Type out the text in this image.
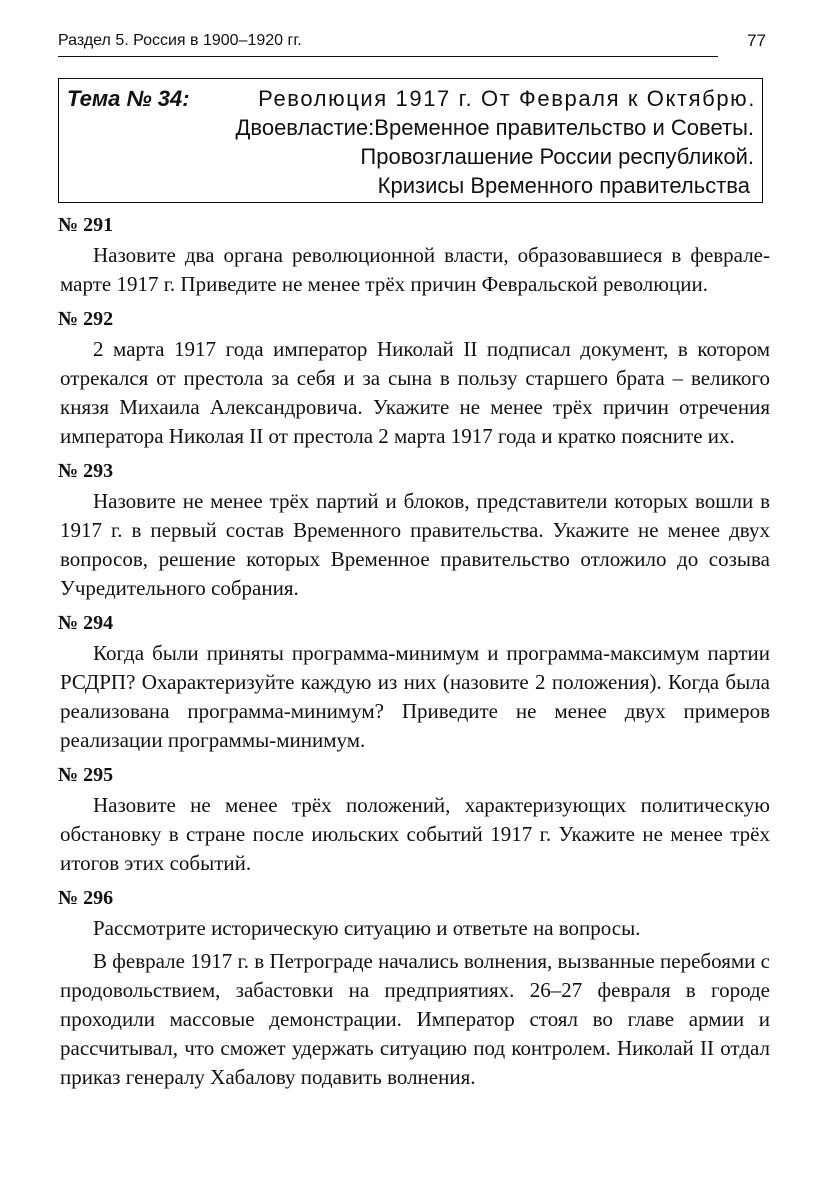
Раздел 5. Россия в 1900–1920 гг.	77
Тема № 34:	Революция 1917 г. От Февраля к Октябрю.
Двоевластие:Временное правительство и Советы.
Провозглашение России республикой.
Кризисы Временного правительства

№ 291

Назовите два органа революционной власти, образовавшиеся в феврале-марте 1917 г. Приведите не менее трёх причин Февральской революции.

№ 292

2 марта 1917 года император Николай II подписал документ, в котором отрекался от престола за себя и за сына в пользу старшего брата – великого князя Михаила Александровича. Укажите не менее трёх причин отречения императора Николая II от престола 2 марта 1917 года и кратко поясните их.

№ 293

Назовите не менее трёх партий и блоков, представители которых вошли в 1917 г. в первый состав Временного правительства. Укажите не менее двух вопросов, решение которых Временное правительство отложило до созыва Учредительного собрания.

№ 294

Когда были приняты программа-минимум и программа-максимум партии РСДРП? Охарактеризуйте каждую из них (назовите 2 положения). Когда была реализована программа-минимум? Приведите не менее двух примеров реализации программы-минимум.

№ 295

Назовите не менее трёх положений, характеризующих политическую обстановку в стране после июльских событий 1917 г. Укажите не менее трёх итогов этих событий.

№ 296

Рассмотрите историческую ситуацию и ответьте на вопросы.

В феврале 1917 г. в Петрограде начались волнения, вызванные перебоями с продовольствием, забастовки на предприятиях. 26–27 февраля в городе проходили массовые демонстрации. Император стоял во главе армии и рассчитывал, что сможет удержать ситуацию под контролем. Николай II отдал приказ генералу Хабалову подавить волнения.
